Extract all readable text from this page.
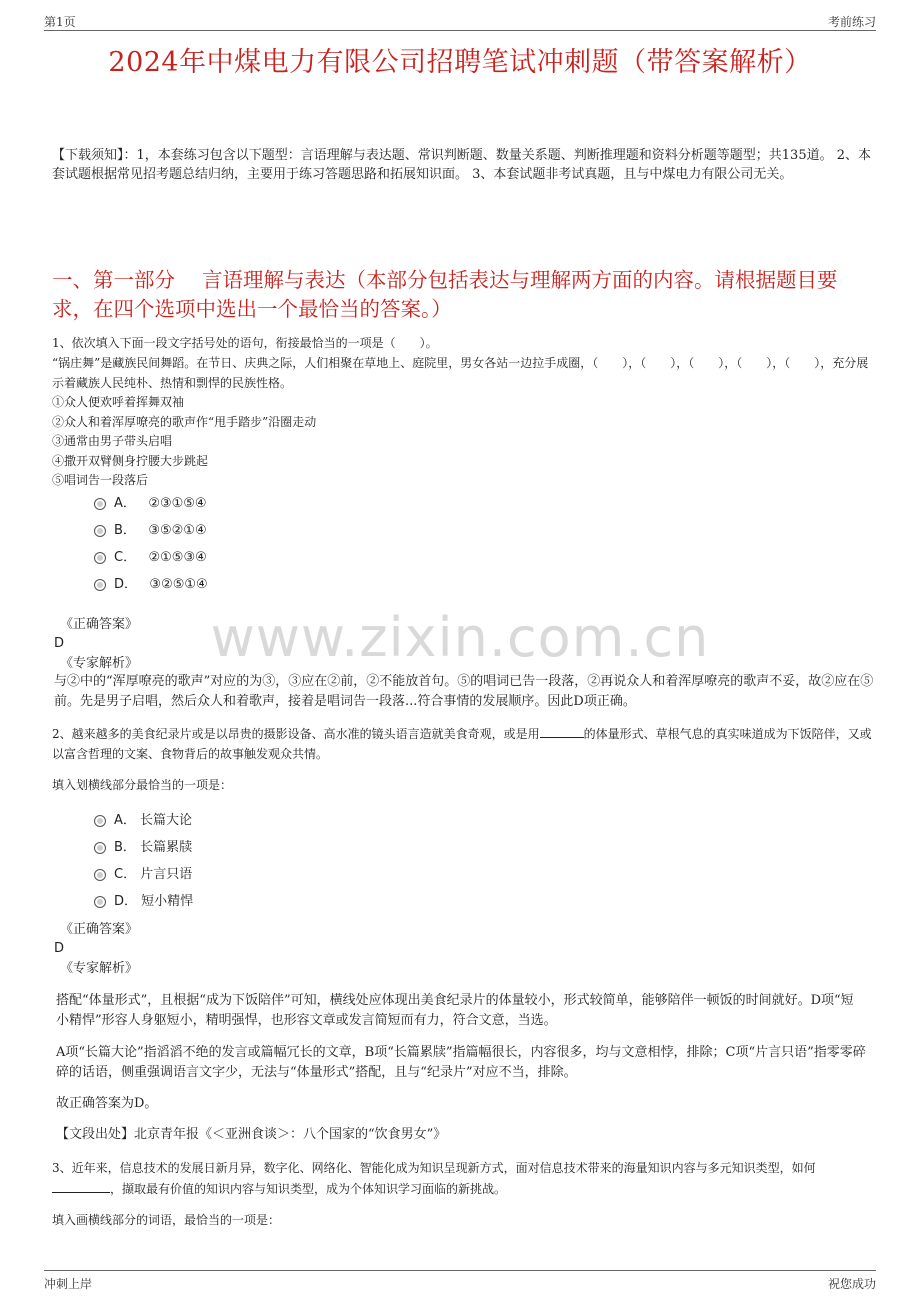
第1页	考前练习
2024年中煤电力有限公司招聘笔试冲刺题（带答案解析）
【下载须知】：1，本套练习包含以下题型：言语理解与表达题、常识判断题、数量关系题、判断推理题和资料分析题等题型；共135道。 2、本套试题根据常见招考题总结归纳，主要用于练习答题思路和拓展知识面。 3、本套试题非考试真题，且与中煤电力有限公司无关。
一、第一部分　 言语理解与表达（本部分包括表达与理解两方面的内容。请根据题目要求，在四个选项中选出一个最恰当的答案。）
1、依次填入下面一段文字括号处的语句，衔接最恰当的一项是（　　）。
“锅庄舞”是藏族民间舞蹈。在节日、庆典之际，人们相聚在草地上、庭院里，男女各站一边拉手成圈，（　　），（　　），（　　），（　　），（　　），充分展示着藏族人民纯朴、热情和剽悍的民族性格。
①众人便欢呼着挥舞双袖
②众人和着浑厚嘹亮的歌声作“甩手踏步”沿圈走动
③通常由男子带头启唱
④撒开双臂侧身拧腰大步跳起
⑤唱词告一段落后
A． ②③①⑤④
B． ③⑤②①④
C． ②①⑤③④
D． ③②⑤①④
www.zixin.com.cn
《正确答案》
D
《专家解析》
与②中的“浑厚嘹亮的歌声”对应的为③，③应在②前，②不能放首句。⑤的唱词已告一段落，②再说众人和着浑厚嘹亮的歌声不妥，故②应在⑤前。先是男子启唱，然后众人和着歌声，接着是唱词告一段落...符合事情的发展顺序。因此D项正确。
2、越来越多的美食纪录片或是以昂贵的摄影设备、高水准的镜头语言造就美食奇观，或是用	的体量形式、草根气息的真实味道成为下饭陪伴，又或以富含哲理的文案、食物背后的故事触发观众共情。
填入划横线部分最恰当的一项是：
A． 长篇大论
B． 长篇累牍
C． 片言只语
D． 短小精悍
《正确答案》
D
《专家解析》
搭配“体量形式”，且根据“成为下饭陪伴”可知，横线处应体现出美食纪录片的体量较小，形式较简单，能够陪伴一顿饭的时间就好。D项“短小精悍”形容人身躯短小，精明强悍，也形容文章或发言简短而有力，符合文意，当选。
A项“长篇大论”指滔滔不绝的发言或篇幅冗长的文章，B项“长篇累牍”指篇幅很长，内容很多，均与文意相悖，排除；C项“片言只语”指零零碎碎的话语，侧重强调语言文字少，无法与“体量形式”搭配，且与“纪录片”对应不当，排除。
故正确答案为D。
【文段出处】北京青年报《＜亚洲食谈＞：八个国家的“饮食男女”》
3、近年来，信息技术的发展日新月异，数字化、网络化、智能化成为知识呈现新方式，面对信息技术带来的海量知识内容与多元知识类型，如何，撷取最有价值的知识内容与知识类型，成为个体知识学习面临的新挑战。
填入画横线部分的词语，最恰当的一项是：
冲刺上岸	祝您成功
